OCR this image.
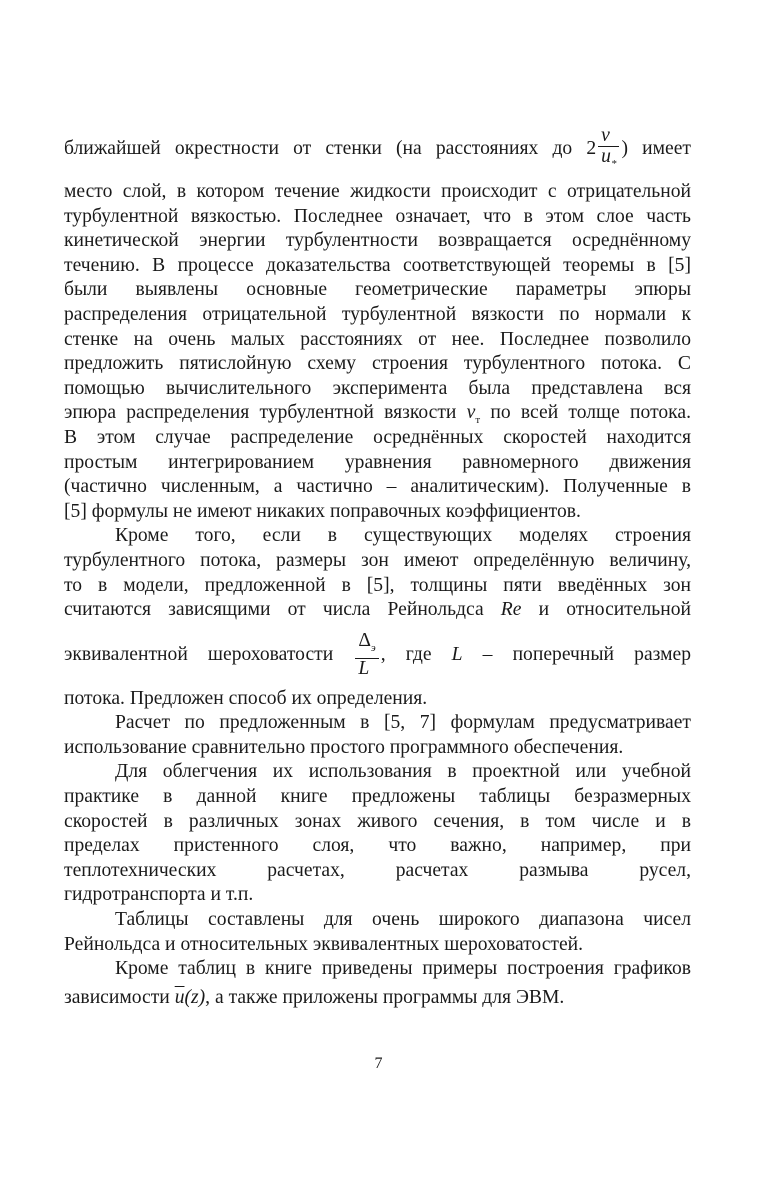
ближайшей окрестности от стенки (на расстояниях до $2 \frac{\nu}{u_*}$ ) имеет
место слой, в котором течение жидкости происходит с отрицательной
турбулентной вязкостью. Последнее означает, что в этом слое часть
кинетической энергии турбулентности возвращается осреднённому
течению. В процессе доказательства соответствующей теоремы в [5]
были выявлены основные геометрические параметры эпюры
распределения отрицательной турбулентной вязкости по нормали к
стенке на очень малых расстояниях от нее. Последнее позволило
предложить пятислойную схему строения турбулентного потока. С
помощью вычислительного эксперимента была представлена вся
эпюра распределения турбулентной вязкости $\nu_т$ по всей толще потока.
В этом случае распределение осреднённых скоростей находится
простым интегрированием уравнения равномерного движения
(частично численным, а частично – аналитическим). Полученные в
[5] формулы не имеют никаких поправочных коэффициентов.
Кроме того, если в существующих моделях строения
турбулентного потока, размеры зон имеют определённую величину,
то в модели, предложенной в [5], толщины пяти введённых зон
считаются зависящими от числа Рейнольдса Re и относительной
эквивалентной шероховатости $\frac{\Delta_э}{L}$ , где L – поперечный размер
потока. Предложен способ их определения.
Расчет по предложенным в [5, 7] формулам предусматривает
использование сравнительно простого программного обеспечения.
Для облегчения их использования в проектной или учебной
практике в данной книге предложены таблицы безразмерных
скоростей в различных зонах живого сечения, в том числе и в
пределах пристенного слоя, что важно, например, при
теплотехнических расчетах, расчетах размыва русел,
гидротранспорта и т.п.
Таблицы составлены для очень широкого диапазона чисел
Рейнольдса и относительных эквивалентных шероховатостей.
Кроме таблиц в книге приведены примеры построения графиков
зависимости $\overline{u}(z)$, а также приложены программы для ЭВМ.
7
